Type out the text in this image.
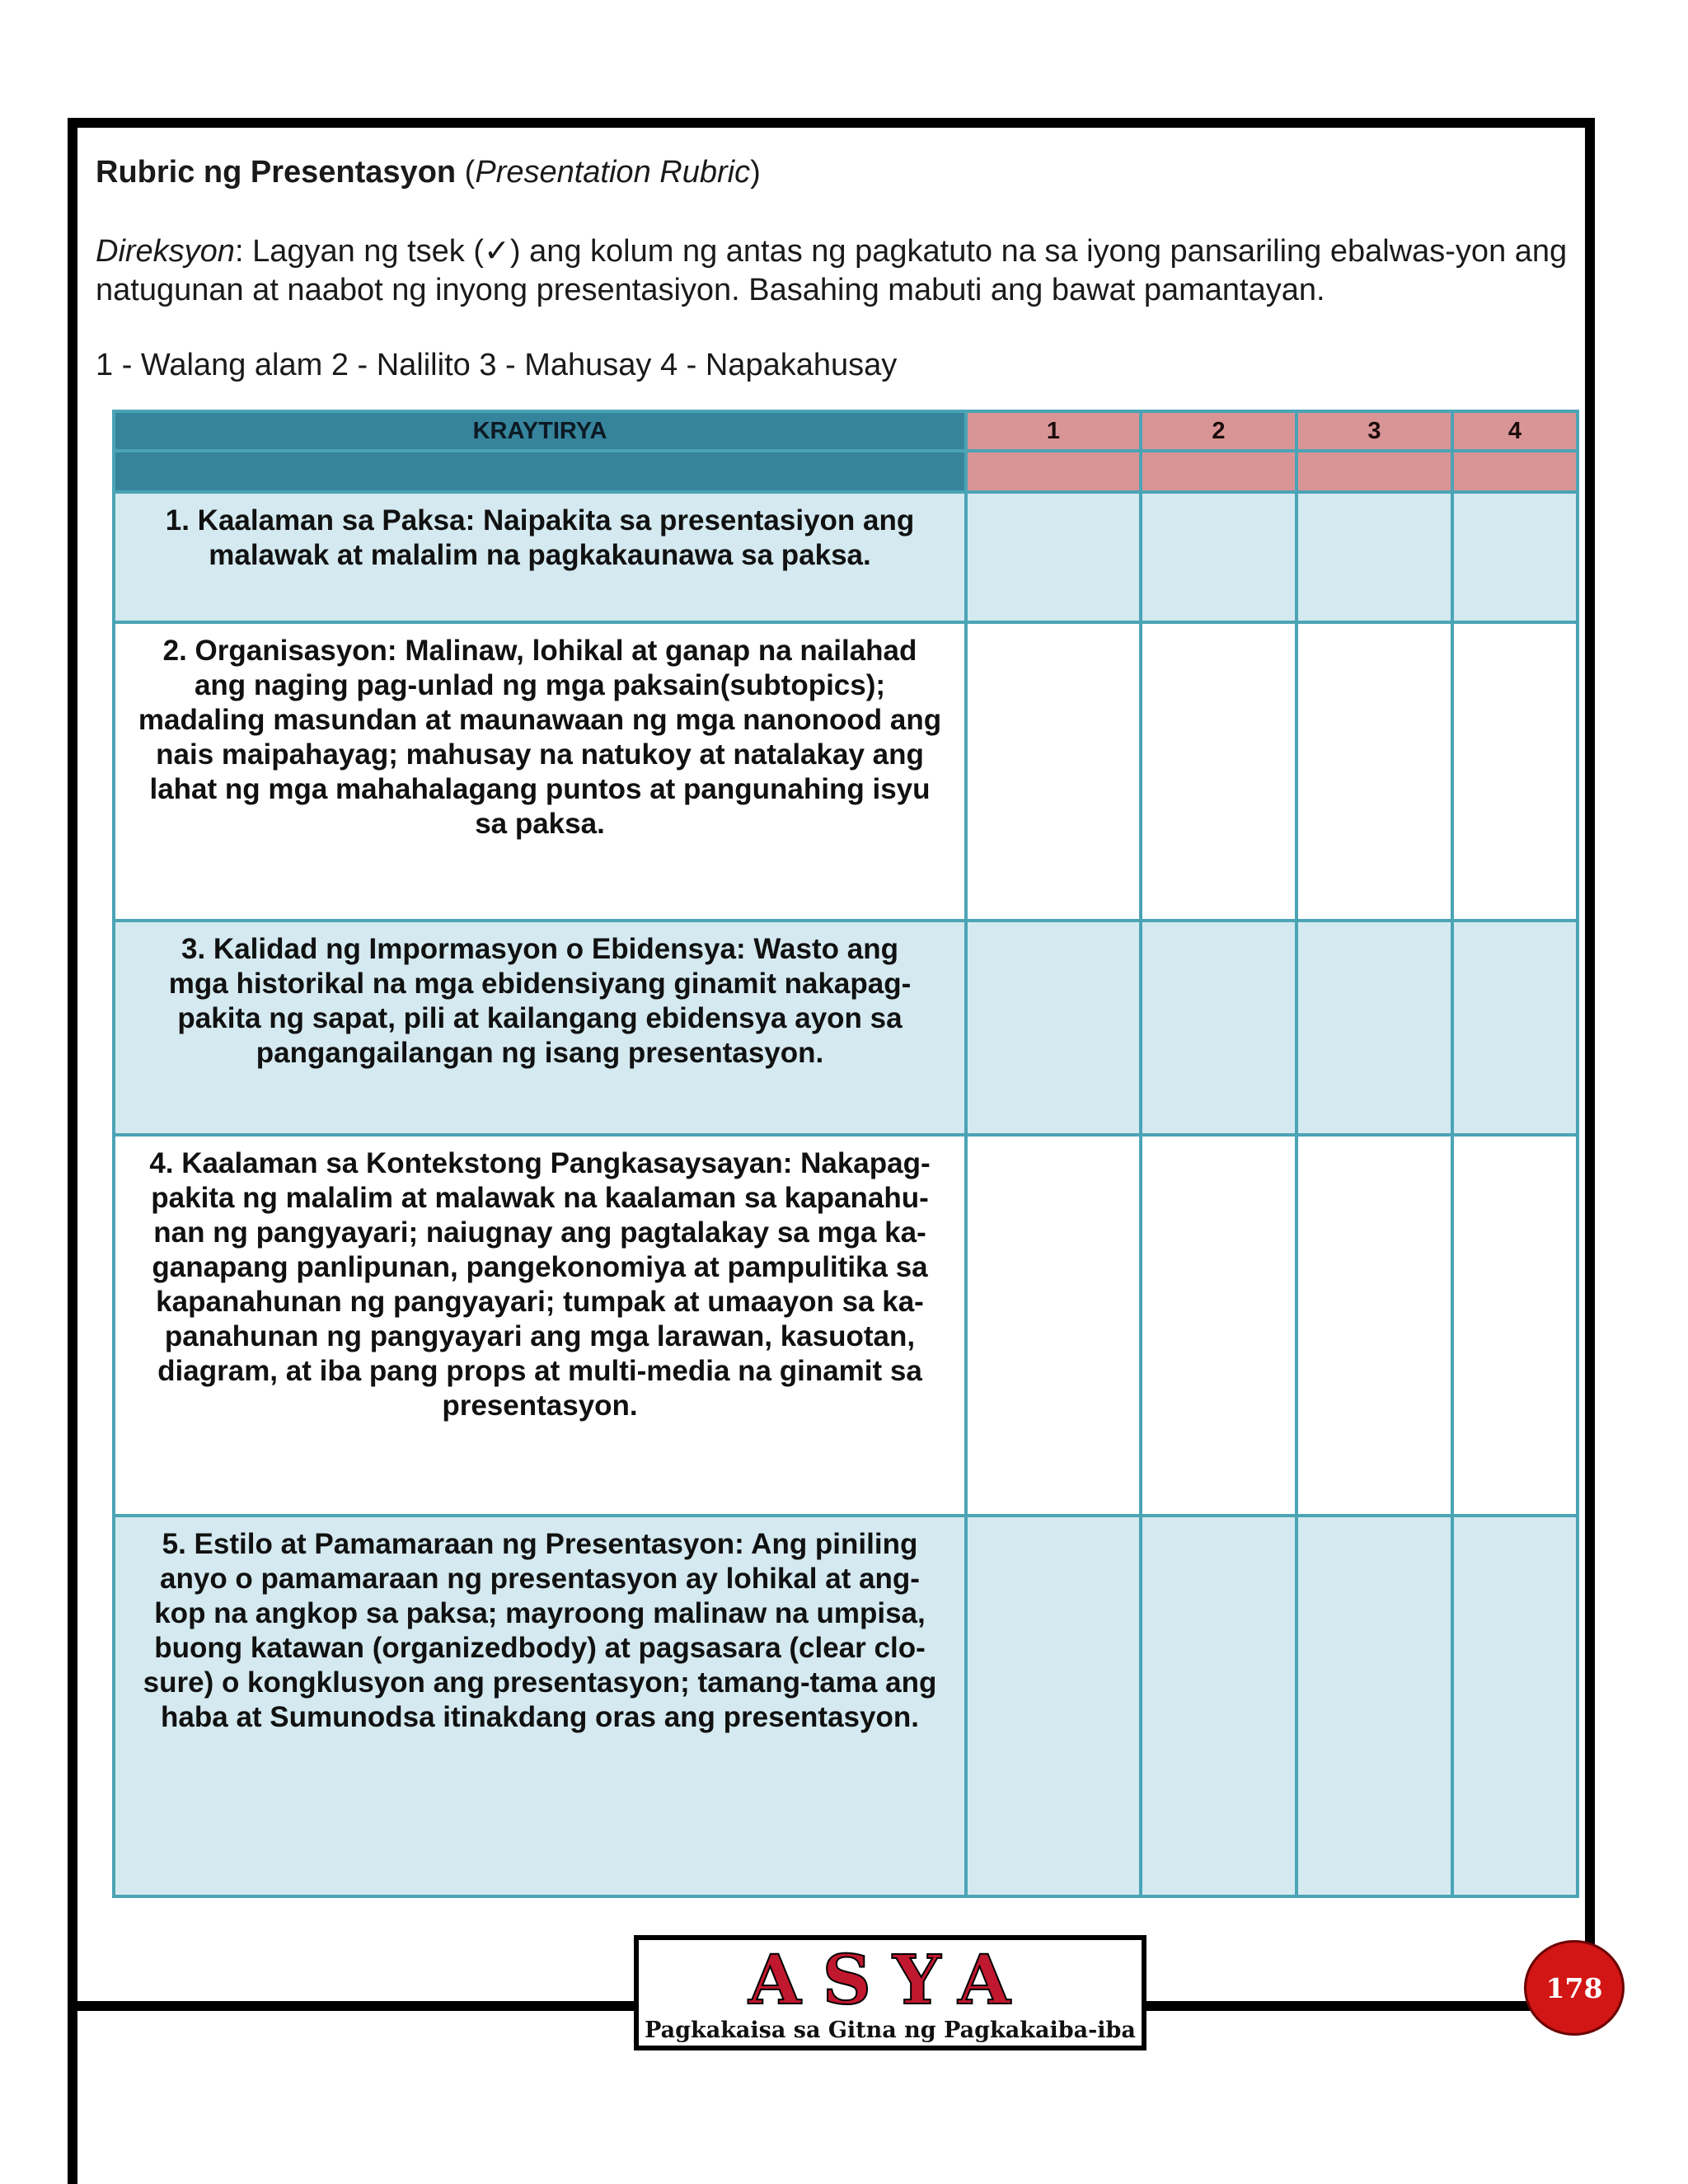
Rubric ng Presentasyon (Presentation Rubric)
Direksyon: Lagyan ng tsek (✓) ang kolum ng antas ng pagkatuto na sa iyong pansariling ebalwas-yon ang natugunan at naabot ng inyong presentasiyon. Basahing mabuti ang bawat pamantayan.
1 - Walang alam 2 - Nalilito 3 - Mahusay 4 - Napakahusay
KRAYTIRYA	1	2	3	4

1. Kaalaman sa Paksa: Naipakita sa presentasiyon ang malawak at malalim na pagkakaunawa sa paksa.				
2. Organisasyon: Malinaw, lohikal at ganap na nailahad ang naging pag-unlad ng mga paksain(subtopics); madaling masundan at maunawaan ng mga nanonood ang nais maipahayag; mahusay na natukoy at natalakay ang lahat ng mga mahahalagang puntos at pangunahing isyu sa paksa.				
3. Kalidad ng Impormasyon o Ebidensya: Wasto ang mga historikal na mga ebidensiyang ginamit nakapag-pakita ng sapat, pili at kailangang ebidensya ayon sa pangangailangan ng isang presentasyon.				
4. Kaalaman sa Kontekstong Pangkasaysayan: Nakapag-pakita ng malalim at malawak na kaalaman sa kapanahu- nan ng pangyayari; naiugnay ang pagtalakay sa mga ka- ganapang panlipunan, pangekonomiya at pampulitika sa kapanahunan ng pangyayari; tumpak at umaayon sa ka- panahunan ng pangyayari ang mga larawan, kasuotan, diagram, at iba pang props at multi-media na ginamit sa presentasyon.				
5. Estilo at Pamamaraan ng Presentasyon: Ang piniling anyo o pamamaraan ng presentasyon ay lohikal at ang- kop na angkop sa paksa; mayroong malinaw na umpisa, buong katawan (organizedbody) at pagsasara (clear clo- sure) o kongklusyon ang presentasyon; tamang-tama ang haba at Sumunodsa itinakdang oras ang presentasyon.				
ASYA
Pagkakaisa sa Gitna ng Pagkakaiba-iba
178
